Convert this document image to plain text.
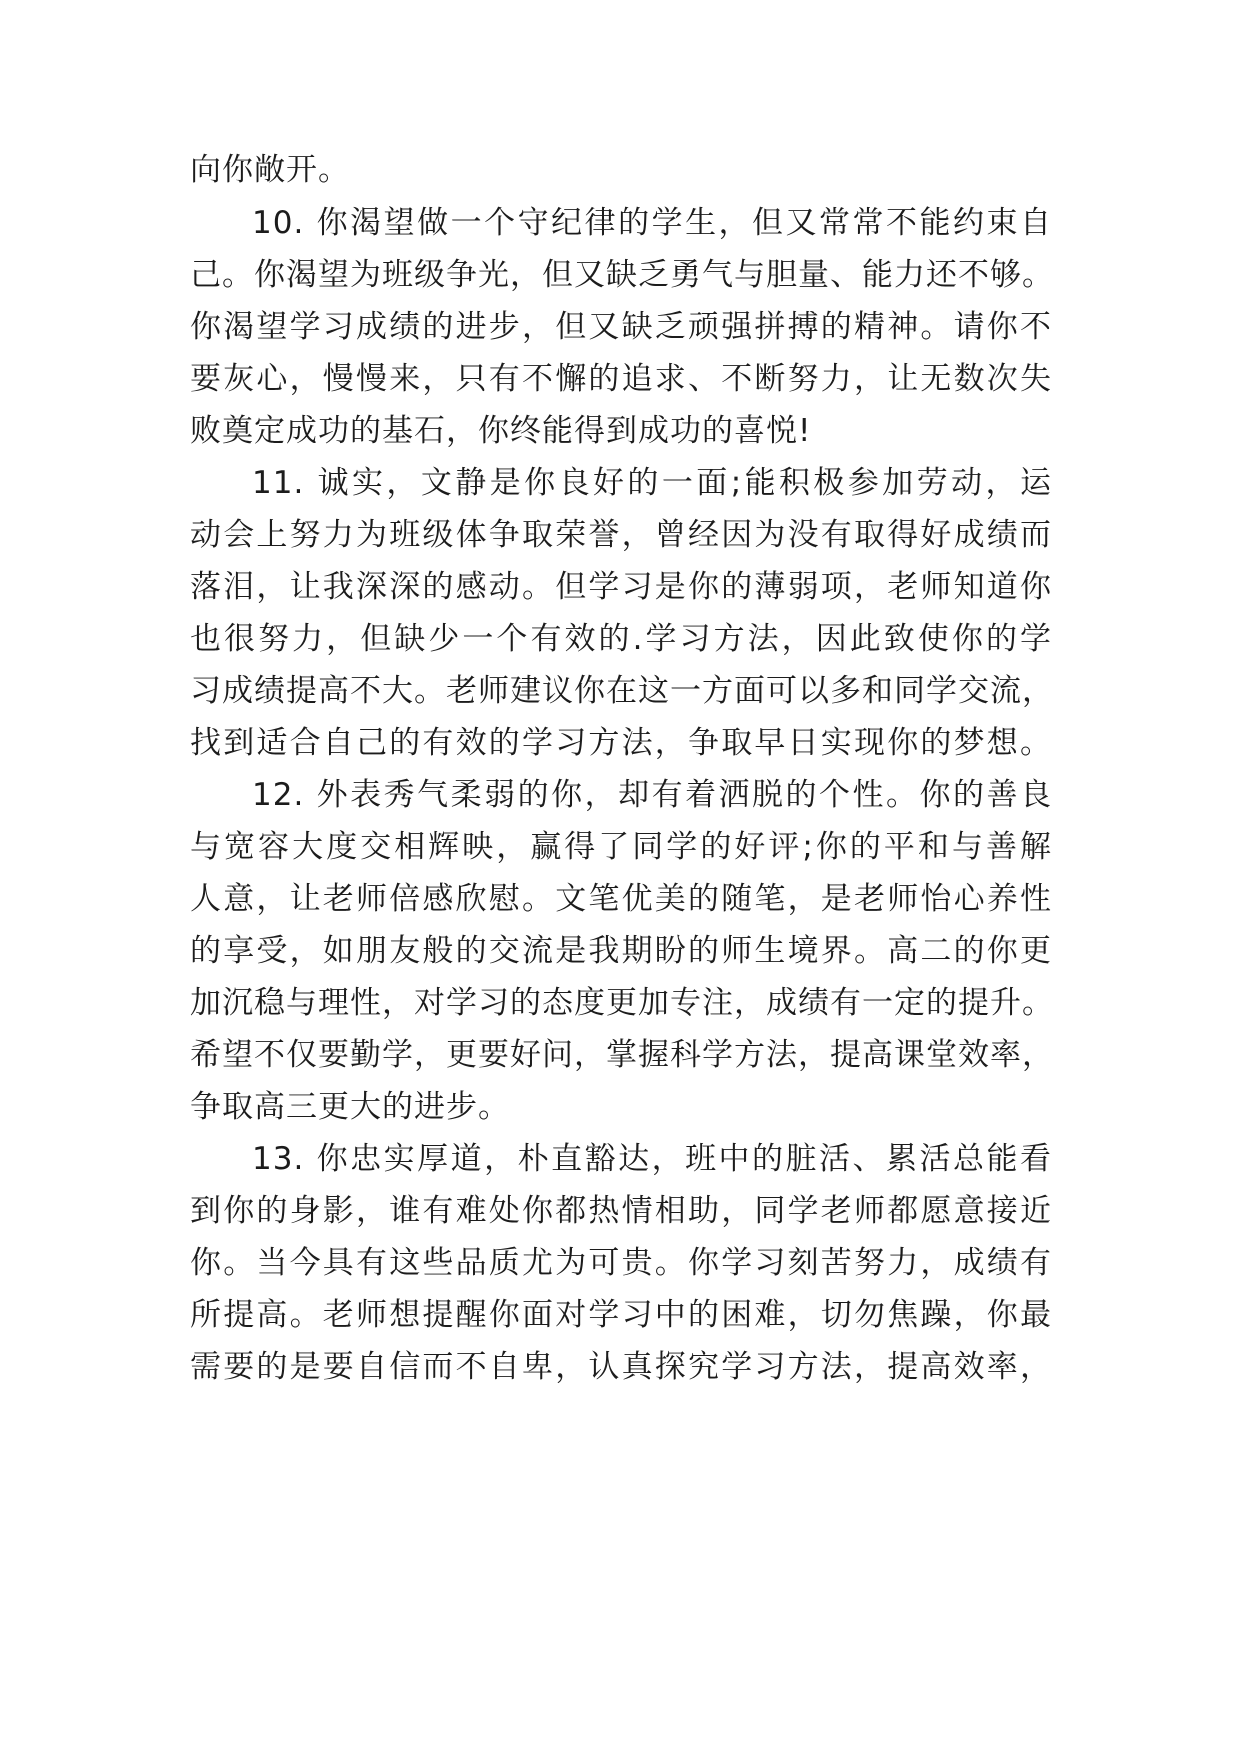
向你敞开。
10. 你渴望做一个守纪律的学生，但又常常不能约束自
己。你渴望为班级争光，但又缺乏勇气与胆量、能力还不够。
你渴望学习成绩的进步，但又缺乏顽强拼搏的精神。请你不
要灰心，慢慢来，只有不懈的追求、不断努力，让无数次失
败奠定成功的基石，你终能得到成功的喜悦!
11. 诚实，文静是你良好的一面;能积极参加劳动，运
动会上努力为班级体争取荣誉，曾经因为没有取得好成绩而
落泪，让我深深的感动。但学习是你的薄弱项，老师知道你
也很努力，但缺少一个有效的.学习方法，因此致使你的学
习成绩提高不大。老师建议你在这一方面可以多和同学交流，
找到适合自己的有效的学习方法，争取早日实现你的梦想。
12. 外表秀气柔弱的你，却有着洒脱的个性。你的善良
与宽容大度交相辉映，赢得了同学的好评;你的平和与善解
人意，让老师倍感欣慰。文笔优美的随笔，是老师怡心养性
的享受，如朋友般的交流是我期盼的师生境界。高二的你更
加沉稳与理性，对学习的态度更加专注，成绩有一定的提升。
希望不仅要勤学，更要好问，掌握科学方法，提高课堂效率，
争取高三更大的进步。
13. 你忠实厚道，朴直豁达，班中的脏活、累活总能看
到你的身影，谁有难处你都热情相助，同学老师都愿意接近
你。当今具有这些品质尤为可贵。你学习刻苦努力，成绩有
所提高。老师想提醒你面对学习中的困难，切勿焦躁，你最
需要的是要自信而不自卑，认真探究学习方法，提高效率，
